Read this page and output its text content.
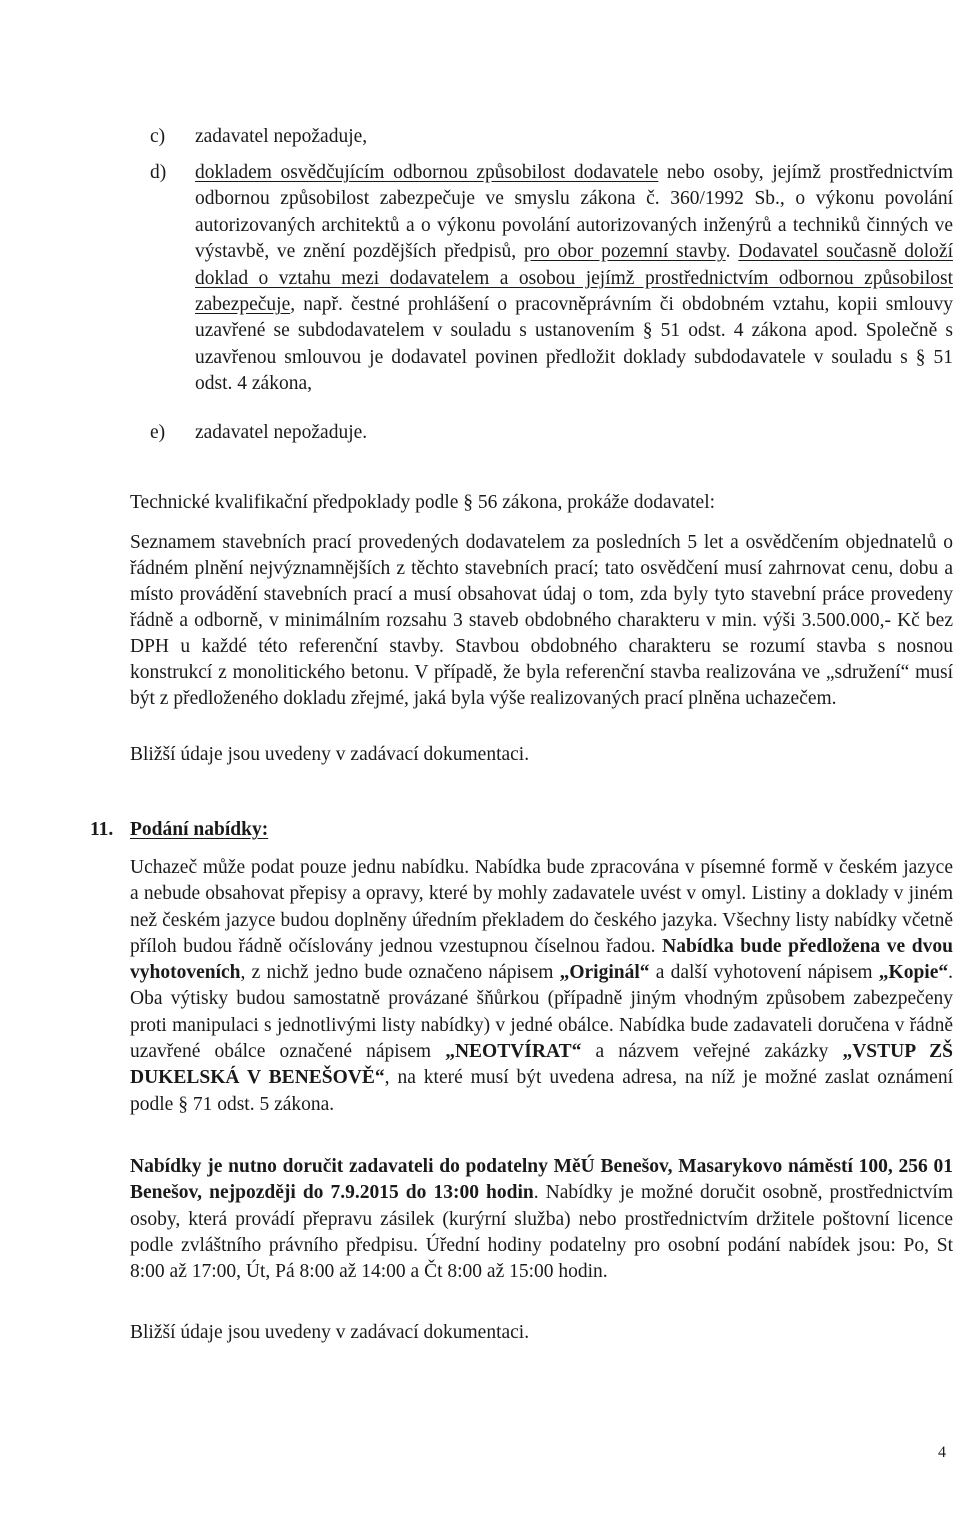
c) zadavatel nepožaduje,
d) dokladem osvědčujícím odbornou způsobilost dodavatele nebo osoby, jejímž prostřednictvím odbornou způsobilost zabezpečuje ve smyslu zákona č. 360/1992 Sb., o výkonu povolání autorizovaných architektů a o výkonu povolání autorizovaných inženýrů a techniků činných ve výstavbě, ve znění pozdějších předpisů, pro obor pozemní stavby. Dodavatel současně doloží doklad o vztahu mezi dodavatelem a osobou jejímž prostřednictvím odbornou způsobilost zabezpečuje, např. čestné prohlášení o pracovněprávním či obdobném vztahu, kopii smlouvy uzavřené se subdodavatelem v souladu s ustanovením § 51 odst. 4 zákona apod. Společně s uzavřenou smlouvou je dodavatel povinen předložit doklady subdodavatele v souladu s § 51 odst. 4 zákona,

e) zadavatel nepožaduje.
Technické kvalifikační předpoklady podle § 56 zákona, prokáže dodavatel:

Seznamem stavebních prací provedených dodavatelem za posledních 5 let a osvědčením objednatelů o řádném plnění nejvýznamnějších z těchto stavebních prací; tato osvědčení musí zahrnovat cenu, dobu a místo provádění stavebních prací a musí obsahovat údaj o tom, zda byly tyto stavební práce provedeny řádně a odborně, v minimálním rozsahu 3 staveb obdobného charakteru v min. výši 3.500.000,- Kč bez DPH u každé této referenční stavby. Stavbou obdobného charakteru se rozumí stavba s nosnou konstrukcí z monolitického betonu. V případě, že byla referenční stavba realizována ve „sdružení“ musí být z předloženého dokladu zřejmé, jaká byla výše realizovaných prací plněna uchazečem.

Bližší údaje jsou uvedeny v zadávací dokumentaci.
11. Podání nabídky:

Uchazeč může podat pouze jednu nabídku. Nabídka bude zpracována v písemné formě v českém jazyce a nebude obsahovat přepisy a opravy, které by mohly zadavatele uvést v omyl. Listiny a doklady v jiném než českém jazyce budou doplněny úředním překladem do českého jazyka. Všechny listy nabídky včetně příloh budou řádně očíslovány jednou vzestupnou číselnou řadou. Nabídka bude předložena ve dvou vyhotoveních, z nichž jedno bude označeno nápisem „Originál“ a další vyhotovení nápisem „Kopie“. Oba výtisky budou samostatně provázané šňůrkou (případně jiným vhodným způsobem zabezpečeny proti manipulaci s jednotlivými listy nabídky) v jedné obálce. Nabídka bude zadavateli doručena v řádně uzavřené obálce označené nápisem „NEOTVÍRAT“ a názvem veřejné zakázky „VSTUP ZŠ DUKELSKÁ V BENEŠOVĚ“, na které musí být uvedena adresa, na níž je možné zaslat oznámení podle § 71 odst. 5 zákona.

Nabídky je nutno doručit zadavateli do podatelny MěÚ Benešov, Masarykovo náměstí 100, 256 01 Benešov, nejpozději do 7.9.2015 do 13:00 hodin. Nabídky je možné doručit osobně, prostřednictvím osoby, která provádí přepravu zásilek (kurýrní služba) nebo prostřednictvím držitele poštovní licence podle zvláštního právního předpisu. Úřední hodiny podatelny pro osobní podání nabídek jsou: Po, St 8:00 až 17:00, Út, Pá 8:00 až 14:00 a Čt 8:00 až 15:00 hodin.

Bližší údaje jsou uvedeny v zadávací dokumentaci.
4
